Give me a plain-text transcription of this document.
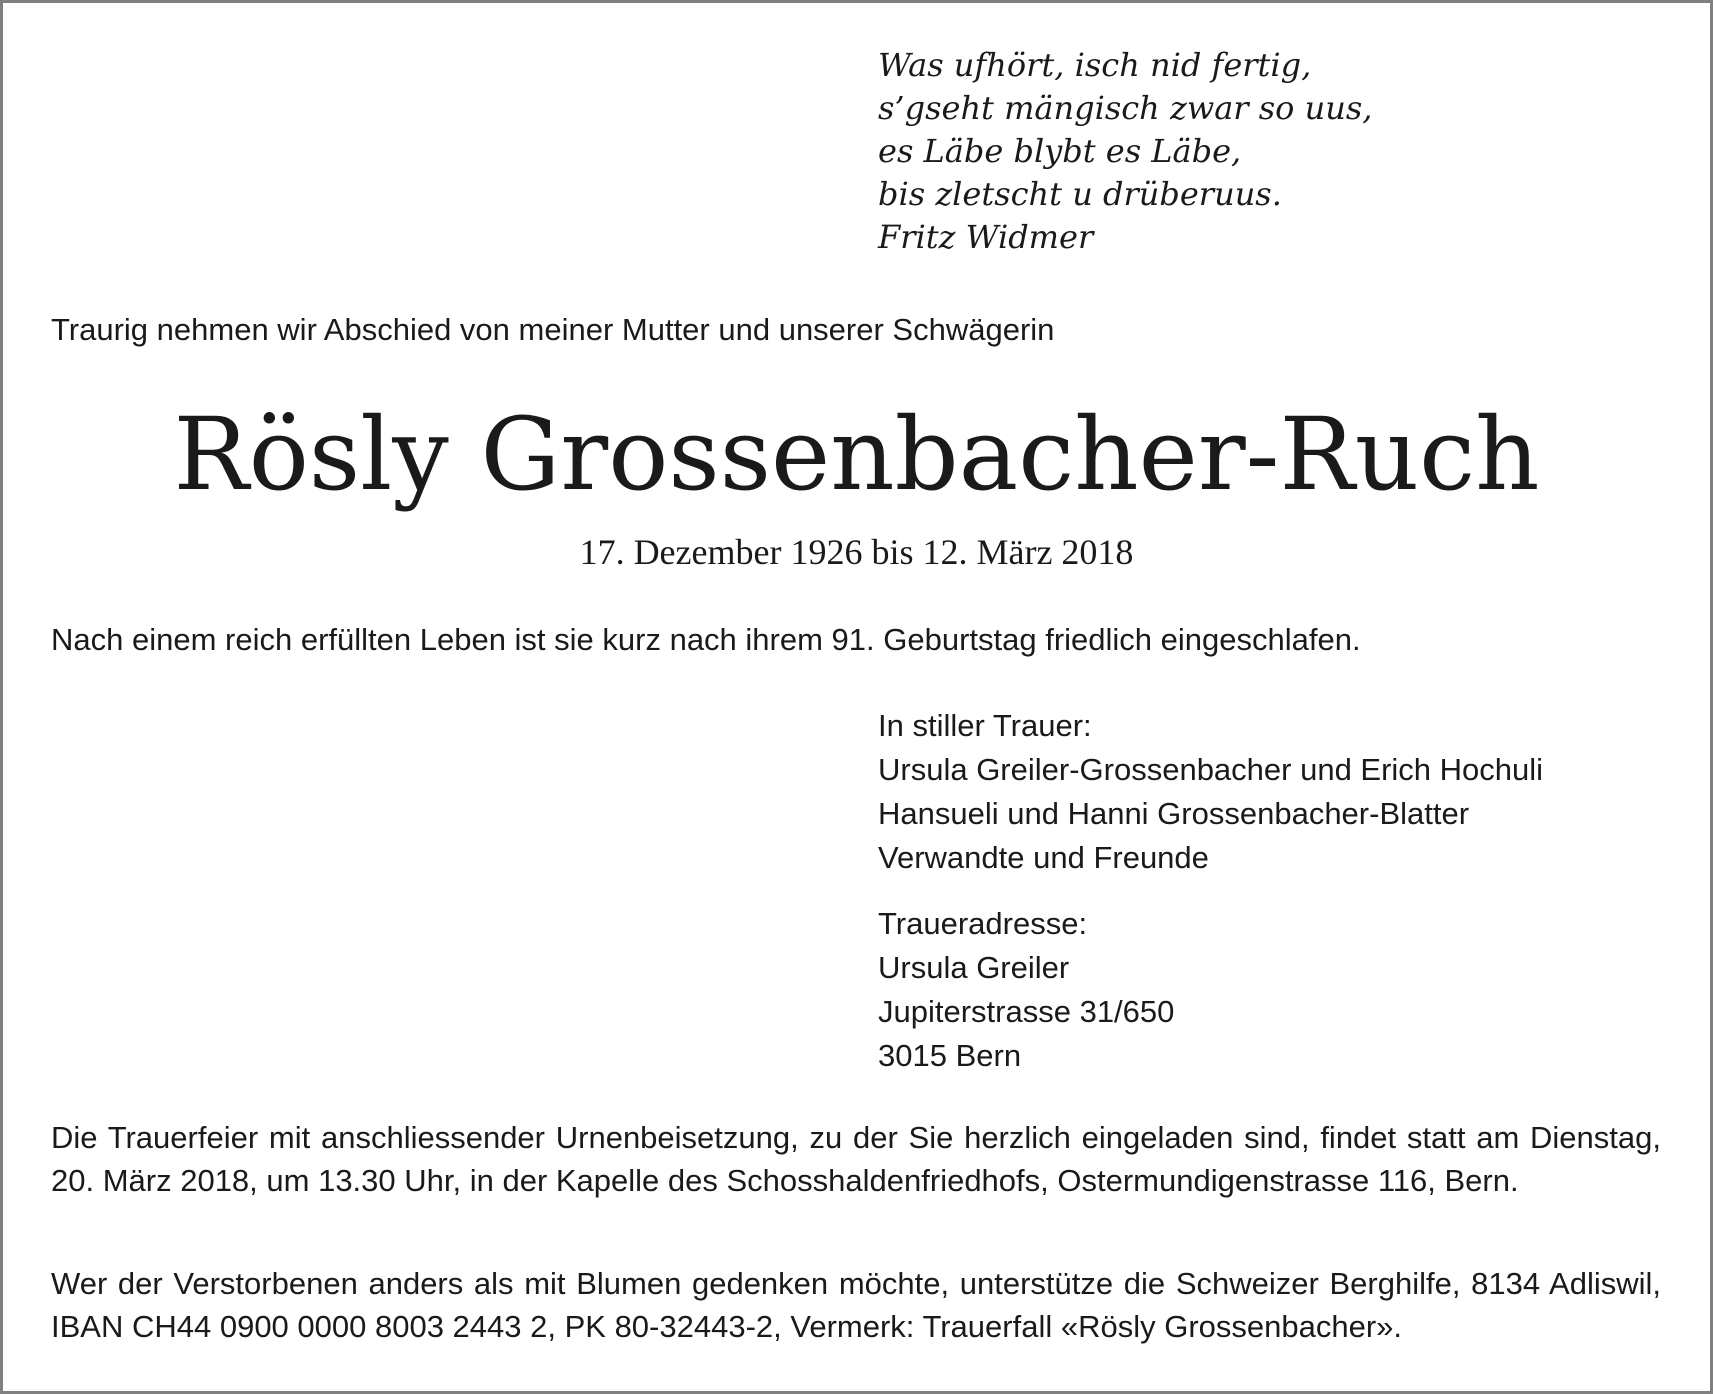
Was ufhört, isch nid fertig,
s’gseht mängisch zwar so uus,
es Läbe blybt es Läbe,
bis zletscht u drüberuus.
Fritz Widmer
Traurig nehmen wir Abschied von meiner Mutter und unserer Schwägerin
Rösly Grossenbacher-Ruch
17. Dezember 1926 bis 12. März 2018
Nach einem reich erfüllten Leben ist sie kurz nach ihrem 91. Geburtstag friedlich eingeschlafen.
In stiller Trauer:
Ursula Greiler-Grossenbacher und Erich Hochuli
Hansueli und Hanni Grossenbacher-Blatter
Verwandte und Freunde
Traueradresse:
Ursula Greiler
Jupiterstrasse 31/650
3015 Bern
Die Trauerfeier mit anschliessender Urnenbeisetzung, zu der Sie herzlich eingeladen sind, findet statt am Dienstag, 20. März 2018, um 13.30 Uhr, in der Kapelle des Schosshaldenfriedhofs, Ostermundigenstrasse 116, Bern.
Wer der Verstorbenen anders als mit Blumen gedenken möchte, unterstütze die Schweizer Berghilfe, 8134 Adliswil, IBAN CH44 0900 0000 8003 2443 2, PK 80-32443-2, Vermerk: Trauerfall «Rösly Grossenbacher».
